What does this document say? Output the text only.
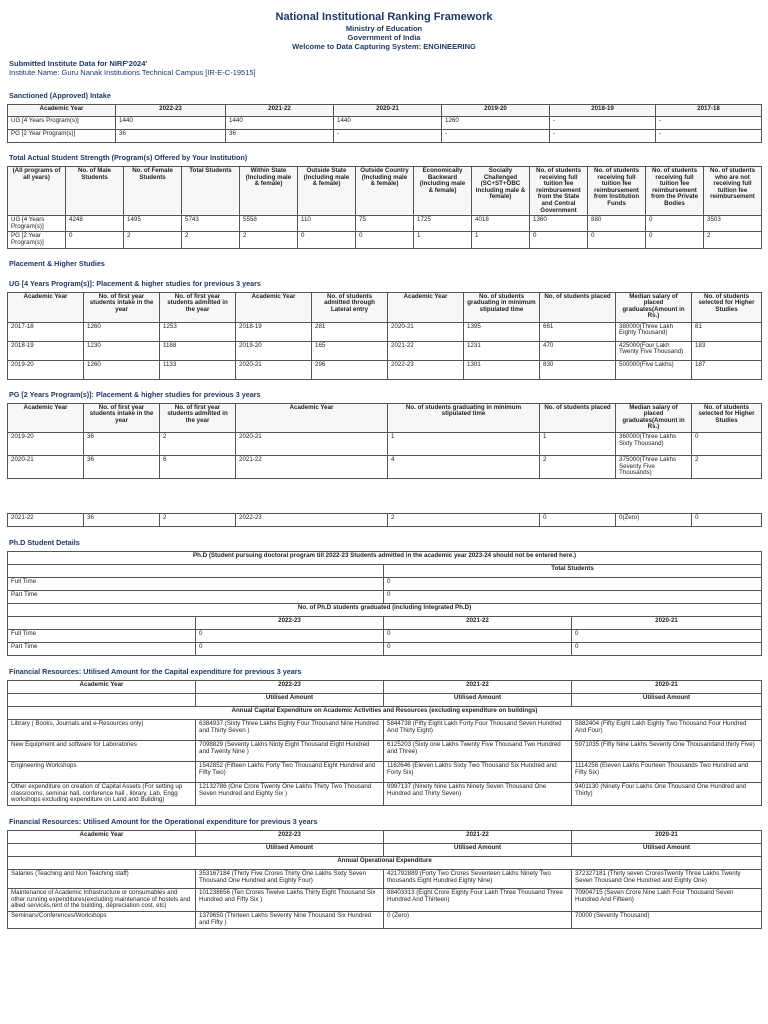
National Institutional Ranking Framework
Ministry of Education
Government of India
Welcome to Data Capturing System: ENGINEERING
Submitted Institute Data for NIRF'2024'
Institute Name: Guru Nanak Institutions Technical Campus [IR-E-C-19515]
Sanctioned (Approved) Intake
Academic Year	2022-23	2021-22	2020-21	2019-20	2018-19	2017-18
UG [4 Years Program(s)]	1440	1440	1440	1260	-	-
PG [2 Year Program(s)]	36	36	-	-	-	-
Total Actual Student Strength (Program(s) Offered by Your Institution)
(All programs of all years)	No. of Male Students	No. of Female Students	Total Students	Within State (Including male & female)	Outside State (Including male & female)	Outside Country (Including male & female)	Economically Backward (Including male & female)	Socially Challenged (SC+ST+OBC Including male & female)	No. of students receiving full tuition fee reimbursement from the State and Central Government	No. of students receiving full tuition fee reimbursement from Institution Funds	No. of students receiving full tuition fee reimbursement from the Private Bodies	No. of students who are not receiving full tuition fee reimbursement
UG [4 Years Program(s)]	4248	1495	5743	5558	110	75	1725	4018	1360	880	0	3503
PG [2 Year Program(s)]	0	2	2	2	0	0	1	1	0	0	0	2
Placement & Higher Studies
UG [4 Years Program(s)]: Placement & higher studies for previous 3 years
Academic Year	No. of first year students intake in the year	No. of first year students admitted in the year	Academic Year	No. of students admitted through Lateral entry	Academic Year	No. of students graduating in minimum stipulated time	No. of students placed	Median salary of placed graduates(Amount in Rs.)	No. of students selected for Higher Studies
2017-18	1260	1253	2018-19	281	2020-21	1395	661	380000(Three Lakh Eighty Thousand)	81
2018-19	1230	1188	2019-20	165	2021-22	1231	470	425000(Four Lakh Twenty Five Thousand)	183
2019-20	1260	1133	2020-21	296	2022-23	1301	830	500000(Five Lakhs)	187
PG [2 Years Program(s)]: Placement & higher studies for previous 3 years
Academic Year	No. of first year students intake in the year	No. of first year students admitted in the year	Academic Year	No. of students graduating in minimum stipulated time	No. of students placed	Median salary of placed graduates(Amount in Rs.)	No. of students selected for Higher Studies
2019-20	36	2	2020-21	1	1	360000(Three Lakhs Sixty Thousand)	0
2020-21	36	6	2021-22	4	2	375000(Three Lakhs Seventy Five Thousands)	2
2021-22	36	2	2022-23	2	0	0(Zero)	0
Ph.D Student Details
Ph.D (Student pursuing doctoral program till 2022-23 Students admitted in the academic year 2023-24 should not be entered here.)			
		Total Students	
Full Time		0	
Part Time		0	
No. of Ph.D students graduated (including Integrated Ph.D)			
	2022-23	2021-22	2020-21
Full Time	0	0	0
Part Time	0	0	0
Financial Resources: Utilised Amount for the Capital expenditure for previous 3 years
Academic Year	2022-23	2021-22	2020-21
	Utilised Amount	Utilised Amount	Utilised Amount
Annual Capital Expenditure on Academic Activities and Resources (excluding expenditure on buildings)			
Library ( Books, Journals and e-Resources only)	6384937 (Sixty Three Lakhs Eighty Four Thousand Nine Hundred and Thirty Seven )	5844738 (Fifty Eight Lakh Forty Four Thousand Seven Hundred And Thirty Eight)	5882404 (Fifty Eight Lakh Eighty Two Thousand Four Hundred And Four)
New Equipment and software for Laboratories	7098829 (Seventy Lakhs Ninty Eight Thousand Eight Hundred and Twenty Nine )	6125203 (Sixty one Lakhs Twenty Five Thousand Two Hundred and Three)	5971035 (Fifty Nine Lakhs Seventy One Thousandand thirty Five)
Engineering Workshops	1542852 (Fifteen Lakhs Forty Two Thousand Eight Hundred and Fifty Two)	1162646 (Eleven Lakhs Sixty Two Thousand Six Hundred and Forty Six)	1114256 (Eleven Lakhs Fourteen Thousands Two Hundred and Fifty Six)
Other expenditure on creation of Capital Assets (For setting up classrooms, seminar hall, conference hall , library, Lab, Engg workshops excluding expenditure on Land and Building)	12132786 (One Crore Twenty One Lakhs Thirty Two Thousand Seven Hundred and Eighty Six )	9997137 (Ninety Nine Lakhs Ninety Seven Thousand One Hundred and Thirty Seven)	9401130 (Ninety Four Lakhs One Thousand One Hundred and Thirty)
Financial Resources: Utilised Amount for the Operational expenditure for previous 3 years
Academic Year	2022-23	2021-22	2020-21
	Utilised Amount	Utilised Amount	Utilised Amount
Annual Operational Expenditure			
Salaries (Teaching and Non Teaching staff)	353167184 (Thirty Five Crores Thirty One Lakhs Sixty Seven Thousand One Hundred and Eighty Four)	421792889 (Forty Two Crores Seventeen Lakhs Ninety Two thousands Eight Hundred Eighty Nine)	372327181 (Thirty seven CroresTwenty Three Lakhs Twenty Seven Thousand One Hundred and Eighty One)
Maintenance of Academic Infrastructure or consumables and other running expenditures(excluding maintenance of hostels and allied services,rent of the building, depreciation cost, etc)	101238656 (Ten Crores Twelve Lakhs Thirty Eight Thousand Six Hundred and Fifty Six )	88403313 (Eight Crore Eighty Four Lakh Three Thousand Three Hundred And Thirteen)	70904715 (Seven Crore Nine Lakh Four Thousand Seven Hundred And Fifteen)
Seminars/Conferences/Workshops	1379650 (Thirteen Lakhs Seventy Nine Thousand Six Hundred and Fifty )	0 (Zero)	70000 (Seventy Thousand)
